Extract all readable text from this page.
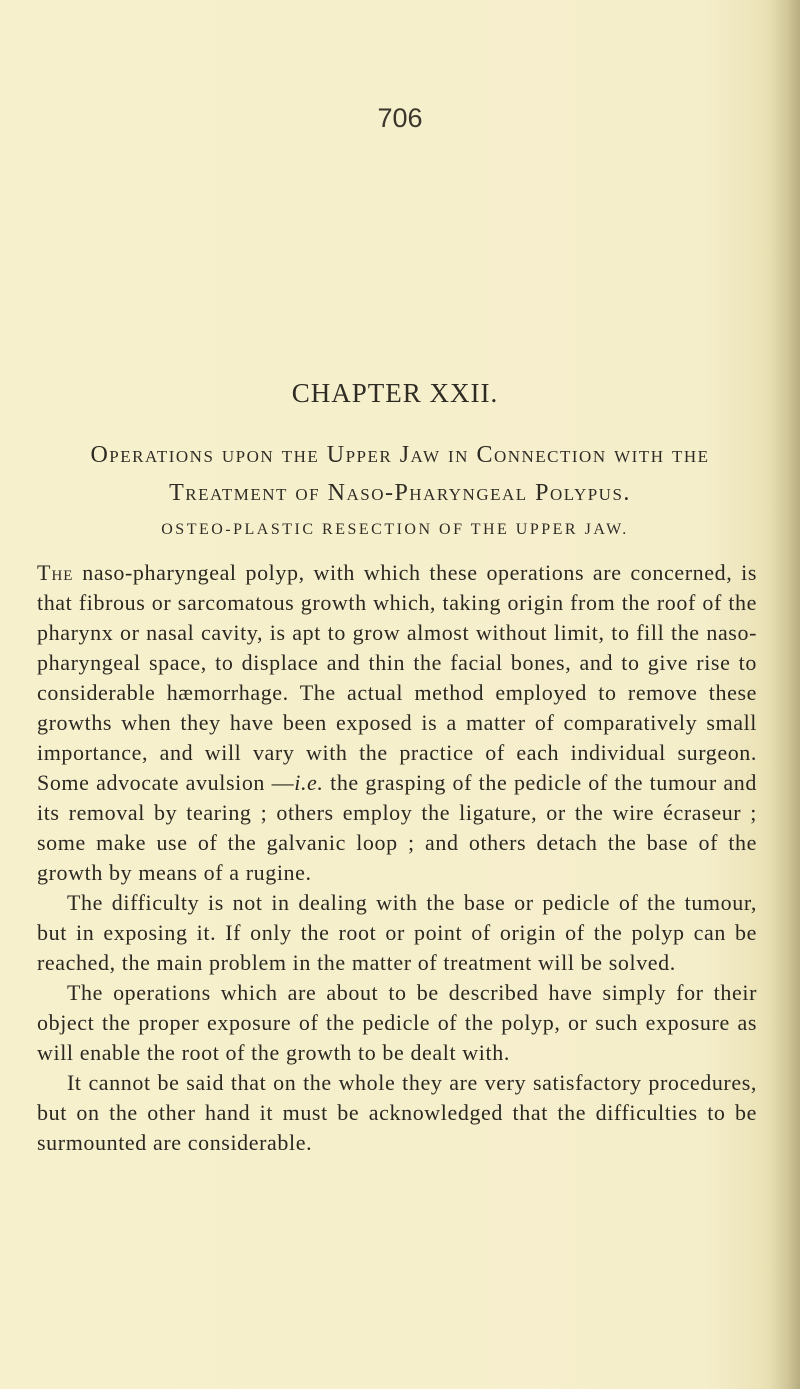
706
CHAPTER XXII.
Operations upon the Upper Jaw in Connection with the Treatment of Naso-Pharyngeal Polypus.
OSTEO-PLASTIC RESECTION OF THE UPPER JAW.

The naso-pharyngeal polyp, with which these operations are concerned, is that fibrous or sarcomatous growth which, taking origin from the roof of the pharynx or nasal cavity, is apt to grow almost without limit, to fill the naso-pharyngeal space, to displace and thin the facial bones, and to give rise to considerable hæmorrhage. The actual method employed to remove these growths when they have been exposed is a matter of comparatively small importance, and will vary with the practice of each individual surgeon. Some advocate avulsion —i.e. the grasping of the pedicle of the tumour and its removal by tearing ; others employ the ligature, or the wire écraseur ; some make use of the galvanic loop ; and others detach the base of the growth by means of a rugine.

The difficulty is not in dealing with the base or pedicle of the tumour, but in exposing it. If only the root or point of origin of the polyp can be reached, the main problem in the matter of treatment will be solved.

The operations which are about to be described have simply for their object the proper exposure of the pedicle of the polyp, or such exposure as will enable the root of the growth to be dealt with.

It cannot be said that on the whole they are very satisfactory procedures, but on the other hand it must be acknowledged that the difficulties to be surmounted are considerable.
